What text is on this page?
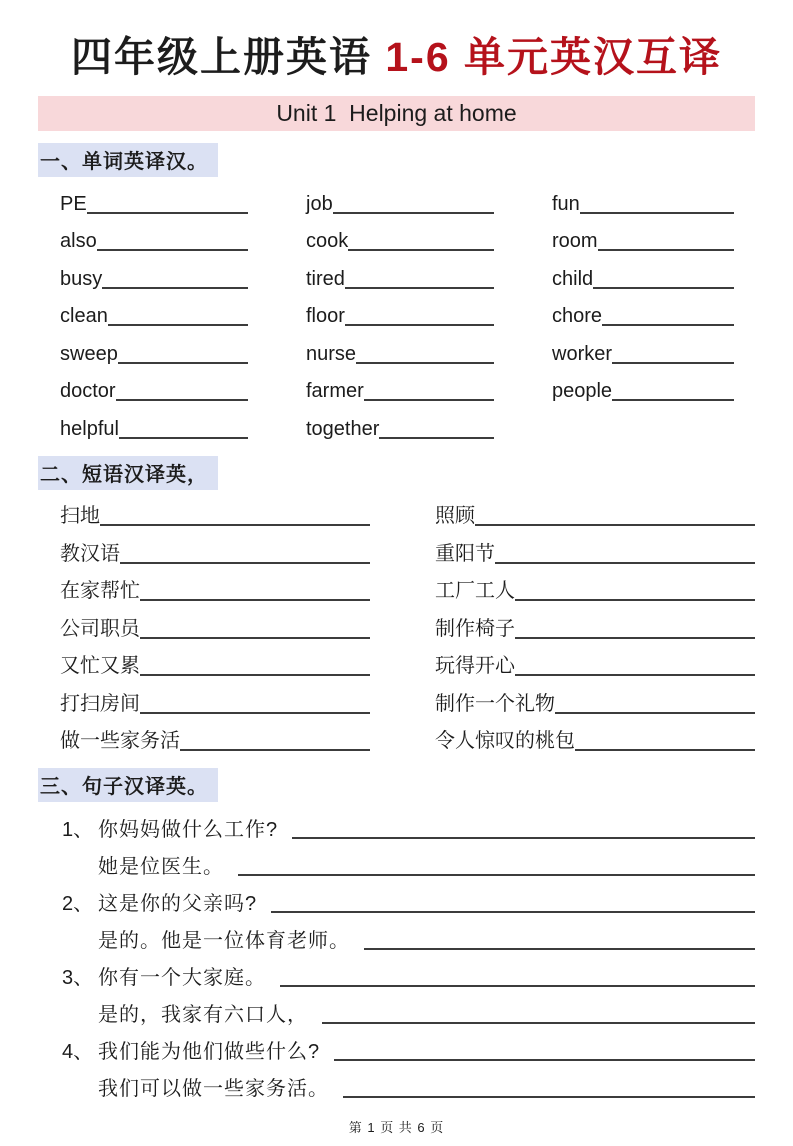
四年级上册英语 1-6 单元英汉互译
Unit 1  Helping at home
一、单词英译汉。
PE	job	fun
also	cook	room
busy	tired	child
clean	floor	chore
sweep	nurse	worker
doctor	farmer	people
helpful	together
二、短语汉译英，
扫地	照顾
教汉语	重阳节
在家帮忙	工厂工人
公司职员	制作椅子
又忙又累	玩得开心
打扫房间	制作一个礼物
做一些家务活	令人惊叹的桃包
三、句子汉译英。
1、 你妈妈做什么工作?
她是位医生。
2、 这是你的父亲吗?
是的。他是一位体育老师。
3、 你有一个大家庭。
是的，我家有六口人，
4、 我们能为他们做些什么?
我们可以做一些家务活。
第 1 页 共 6 页
